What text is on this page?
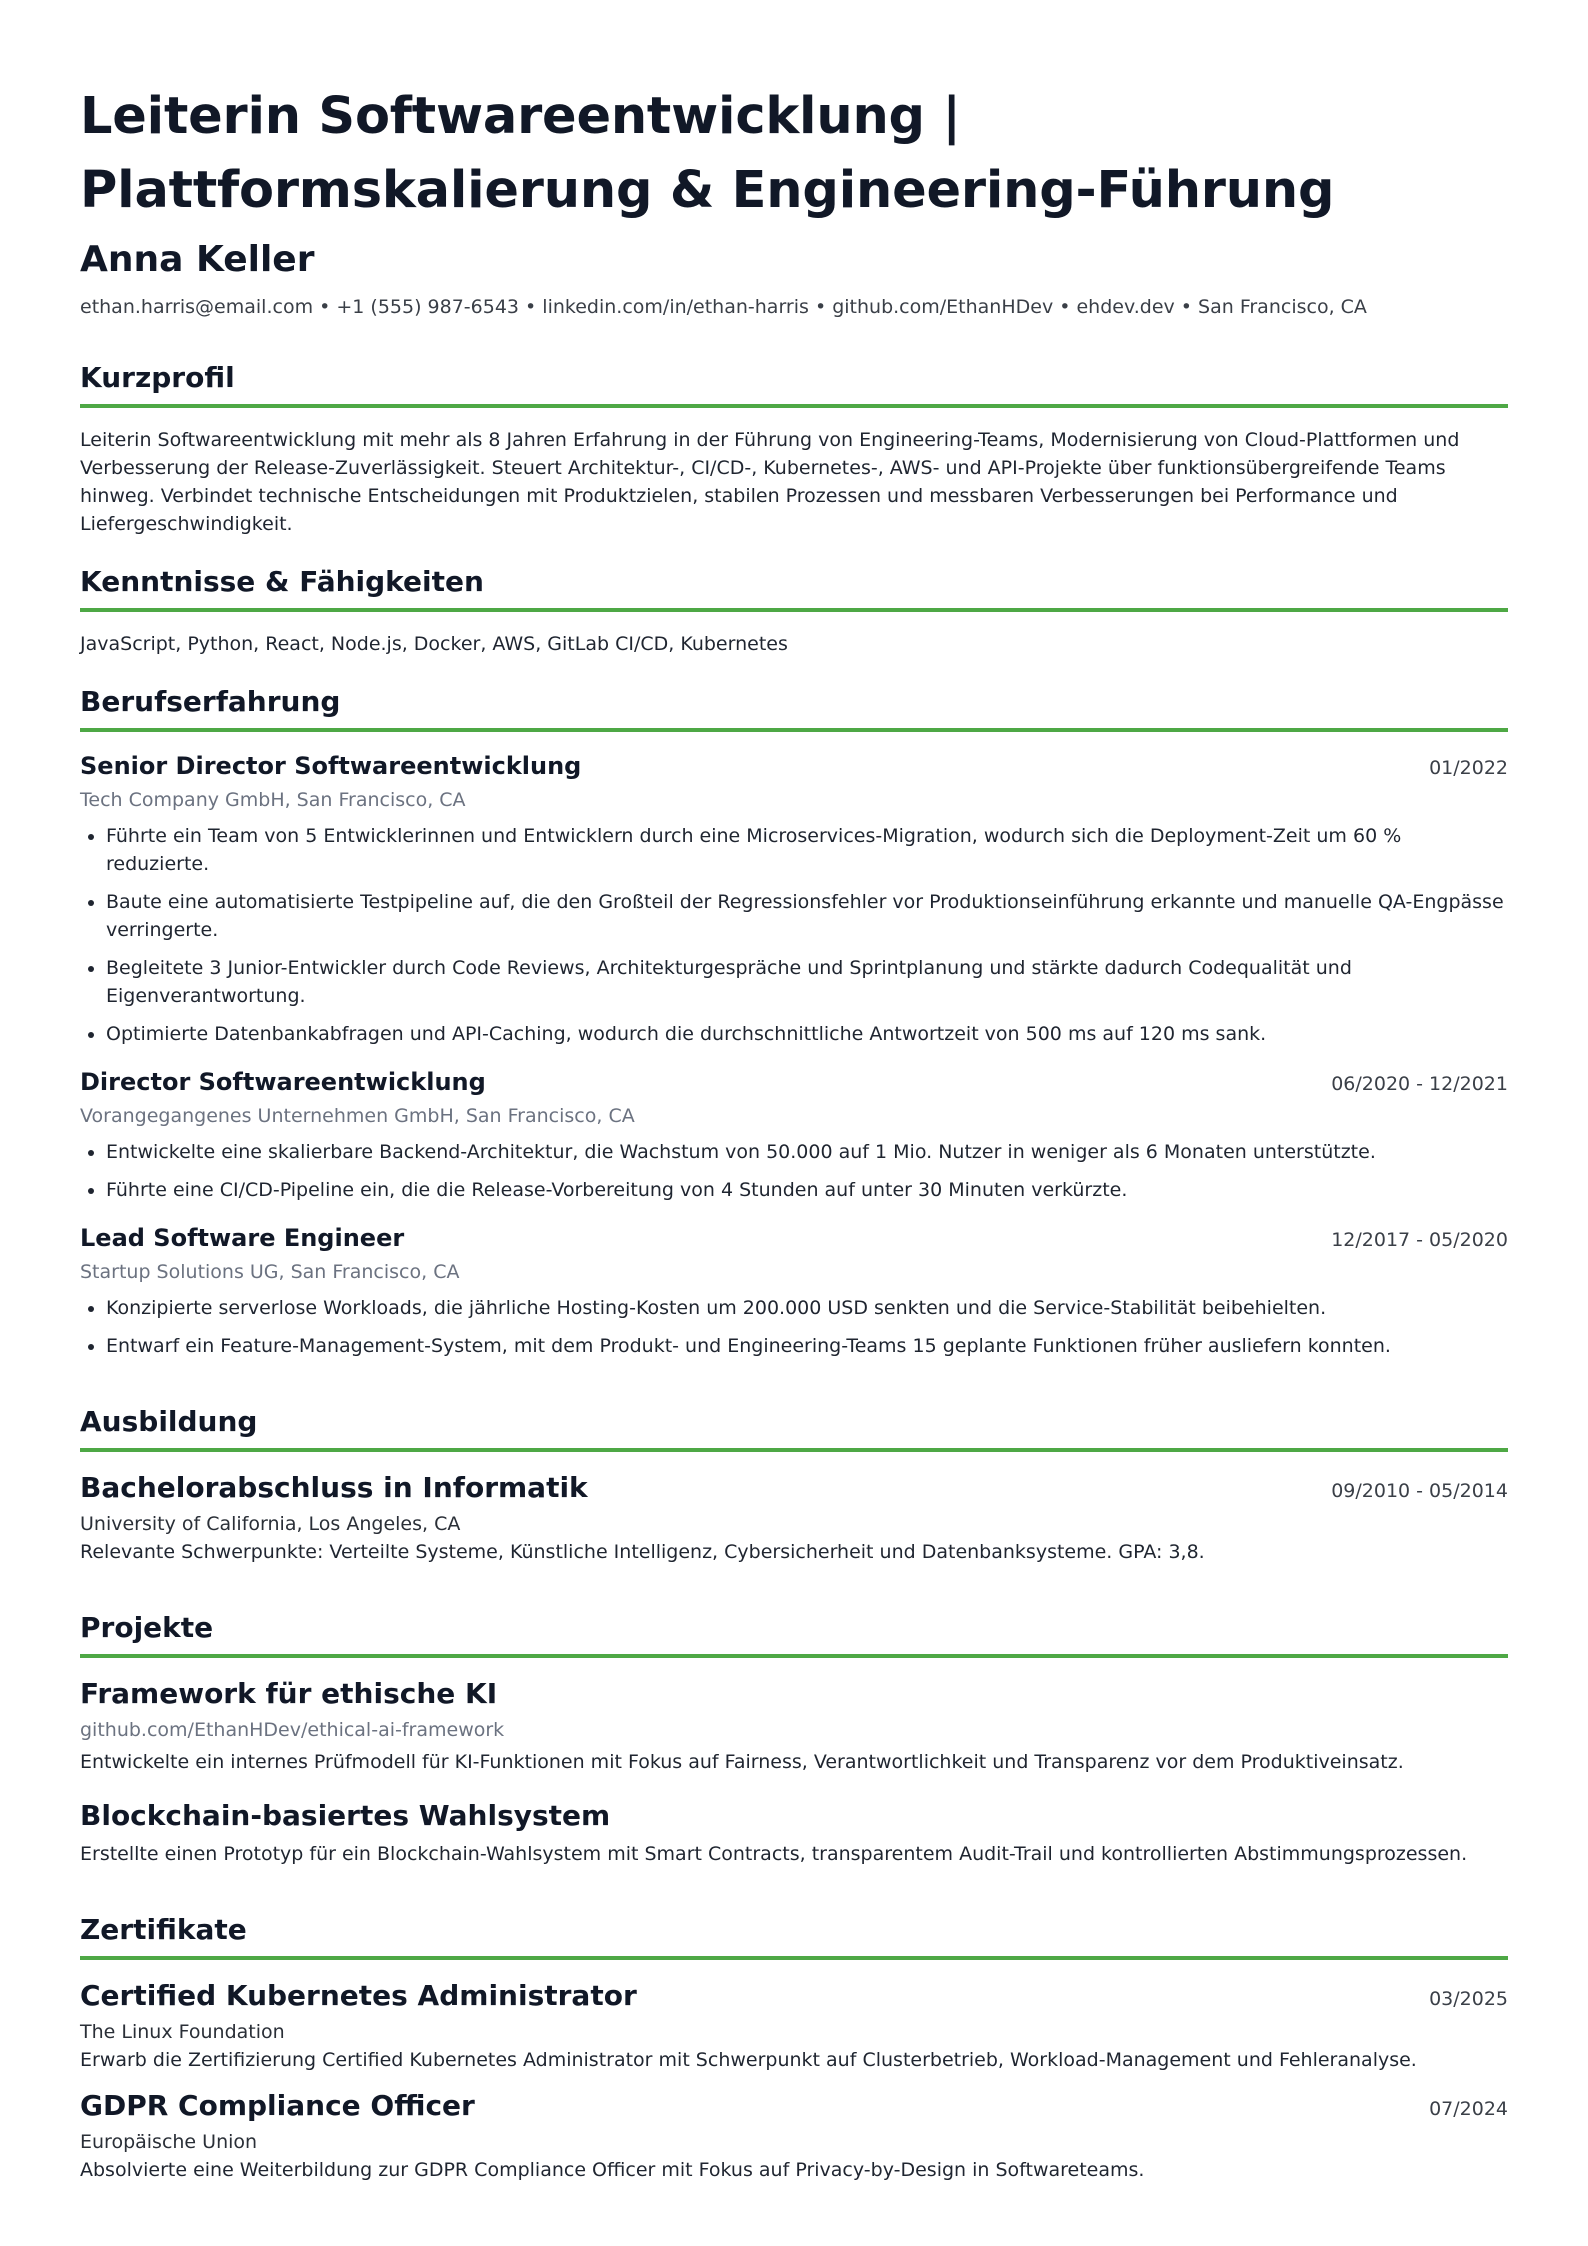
Leiterin Softwareentwicklung | Plattformskalierung & Engineering-Führung
Anna Keller
ethan.harris@email.com • +1 (555) 987-6543 • linkedin.com/in/ethan-harris • github.com/EthanHDev • ehdev.dev • San Francisco, CA
Kurzprofil
Leiterin Softwareentwicklung mit mehr als 8 Jahren Erfahrung in der Führung von Engineering-Teams, Modernisierung von Cloud-Plattformen und Verbesserung der Release-Zuverlässigkeit. Steuert Architektur-, CI/CD-, Kubernetes-, AWS- und API-Projekte über funktionsübergreifende Teams hinweg. Verbindet technische Entscheidungen mit Produktzielen, stabilen Prozessen und messbaren Verbesserungen bei Performance und Liefergeschwindigkeit.
Kenntnisse & Fähigkeiten
JavaScript, Python, React, Node.js, Docker, AWS, GitLab CI/CD, Kubernetes
Berufserfahrung
Senior Director Softwareentwicklung	01/2022
Tech Company GmbH, San Francisco, CA
• Führte ein Team von 5 Entwicklerinnen und Entwicklern durch eine Microservices-Migration, wodurch sich die Deployment-Zeit um 60 % reduzierte.
• Baute eine automatisierte Testpipeline auf, die den Großteil der Regressionsfehler vor Produktionseinführung erkannte und manuelle QA-Engpässe verringerte.
• Begleitete 3 Junior-Entwickler durch Code Reviews, Architekturgespräche und Sprintplanung und stärkte dadurch Codequalität und Eigenverantwortung.
• Optimierte Datenbankabfragen und API-Caching, wodurch die durchschnittliche Antwortzeit von 500 ms auf 120 ms sank.
Director Softwareentwicklung	06/2020 - 12/2021
Vorangegangenes Unternehmen GmbH, San Francisco, CA
• Entwickelte eine skalierbare Backend-Architektur, die Wachstum von 50.000 auf 1 Mio. Nutzer in weniger als 6 Monaten unterstützte.
• Führte eine CI/CD-Pipeline ein, die die Release-Vorbereitung von 4 Stunden auf unter 30 Minuten verkürzte.
Lead Software Engineer	12/2017 - 05/2020
Startup Solutions UG, San Francisco, CA
• Konzipierte serverlose Workloads, die jährliche Hosting-Kosten um 200.000 USD senkten und die Service-Stabilität beibehielten.
• Entwarf ein Feature-Management-System, mit dem Produkt- und Engineering-Teams 15 geplante Funktionen früher ausliefern konnten.
Ausbildung
Bachelorabschluss in Informatik	09/2010 - 05/2014
University of California, Los Angeles, CA
Relevante Schwerpunkte: Verteilte Systeme, Künstliche Intelligenz, Cybersicherheit und Datenbanksysteme. GPA: 3,8.
Projekte
Framework für ethische KI
github.com/EthanHDev/ethical-ai-framework
Entwickelte ein internes Prüfmodell für KI-Funktionen mit Fokus auf Fairness, Verantwortlichkeit und Transparenz vor dem Produktiveinsatz.
Blockchain-basiertes Wahlsystem
Erstellte einen Prototyp für ein Blockchain-Wahlsystem mit Smart Contracts, transparentem Audit-Trail und kontrollierten Abstimmungsprozessen.
Zertifikate
Certified Kubernetes Administrator	03/2025
The Linux Foundation
Erwarb die Zertifizierung Certified Kubernetes Administrator mit Schwerpunkt auf Clusterbetrieb, Workload-Management und Fehleranalyse.
GDPR Compliance Officer	07/2024
Europäische Union
Absolvierte eine Weiterbildung zur GDPR Compliance Officer mit Fokus auf Privacy-by-Design in Softwareteams.
